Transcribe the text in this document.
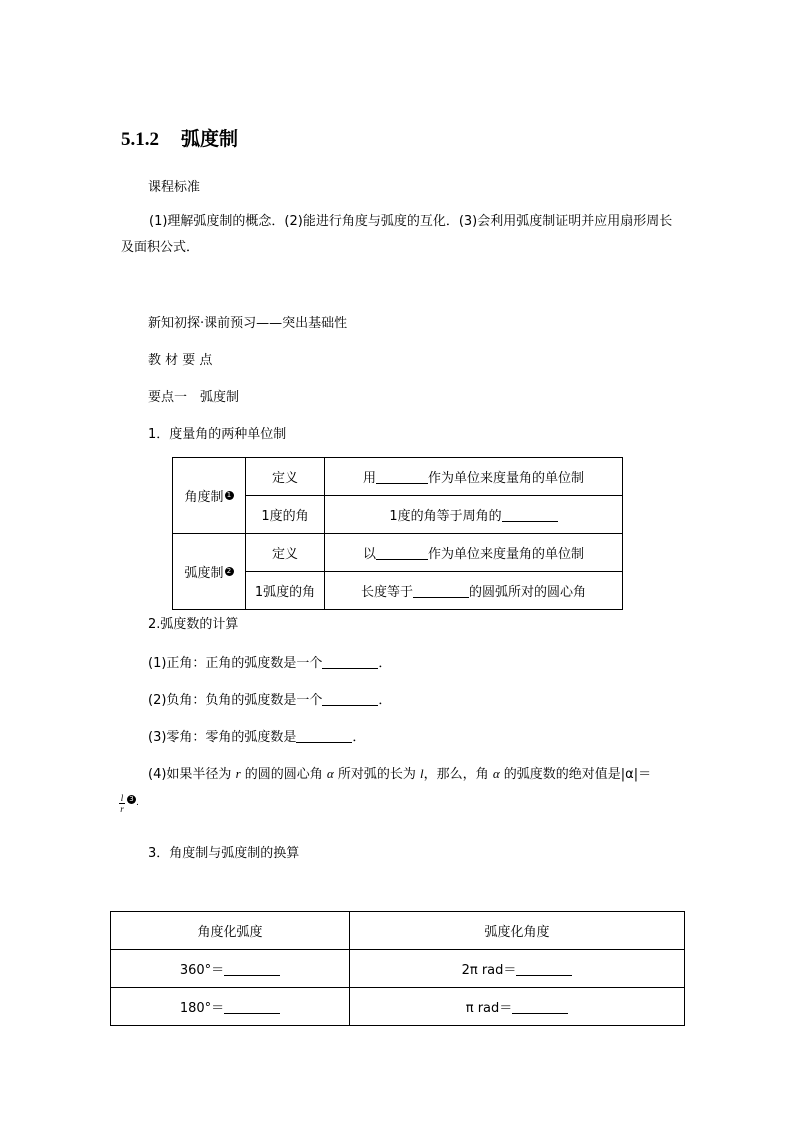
5.1.2 弧度制
课程标准
(1)理解弧度制的概念．(2)能进行角度与弧度的互化．(3)会利用弧度制证明并应用扇形周长及面积公式．
新知初探·课前预习——突出基础性
教 材 要 点
要点一　弧度制
1．度量角的两种单位制
角度制 1	定义	用 作为单位来度量角的单位制
	1度的角	1度的角等于周角的
弧度制 2	定义	以 作为单位来度量角的单位制
	1弧度的角	长度等于 的圆弧所对的圆心角
2.弧度数的计算
(1)正角：正角的弧度数是一个	．
(2)负角：负角的弧度数是一个	．
(3)零角：零角的弧度数是	．
(4)如果半径为 r 的圆的圆心角 α 所对弧的长为 l，那么，角 α 的弧度数的绝对值是|α|＝
$\frac{l}{r} 3$ .
3．角度制与弧度制的换算
角度化弧度	弧度化角度
360°＝	2π rad＝
180°＝	π rad＝
